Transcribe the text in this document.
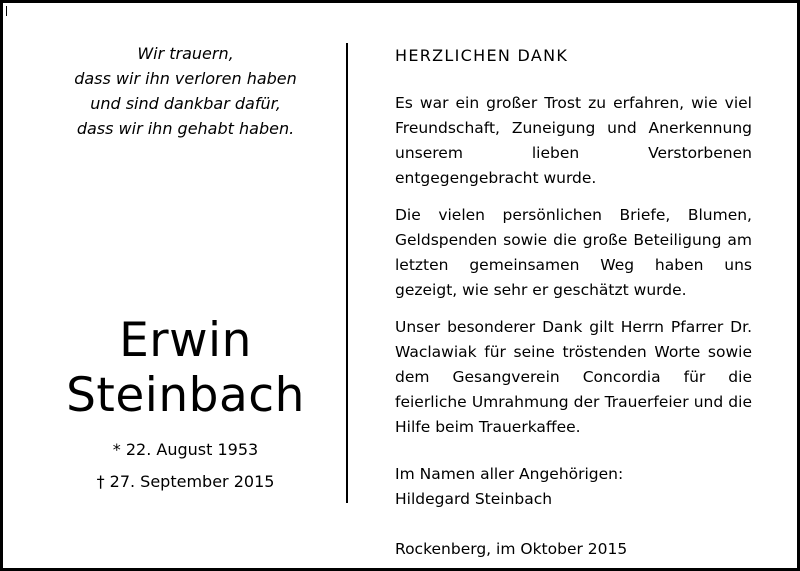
Wir trauern,
dass wir ihn verloren haben
und sind dankbar dafür,
dass wir ihn gehabt haben.
Erwin
Steinbach
* 22. August 1953
† 27. September 2015
HERZLICHEN DANK
Es war ein großer Trost zu erfahren, wie viel Freundschaft, Zuneigung und Anerkennung unserem lieben Verstorbenen entgegengebracht wurde.
Die vielen persönlichen Briefe, Blumen, Geldspenden sowie die große Beteiligung am letzten gemeinsamen Weg haben uns gezeigt, wie sehr er geschätzt wurde.
Unser besonderer Dank gilt Herrn Pfarrer Dr. Waclawiak für seine tröstenden Worte sowie dem Gesangverein Concordia für die feierliche Umrahmung der Trauerfeier und die Hilfe beim Trauerkaffee.
Im Namen aller Angehörigen:
Hildegard Steinbach
Rockenberg, im Oktober 2015
